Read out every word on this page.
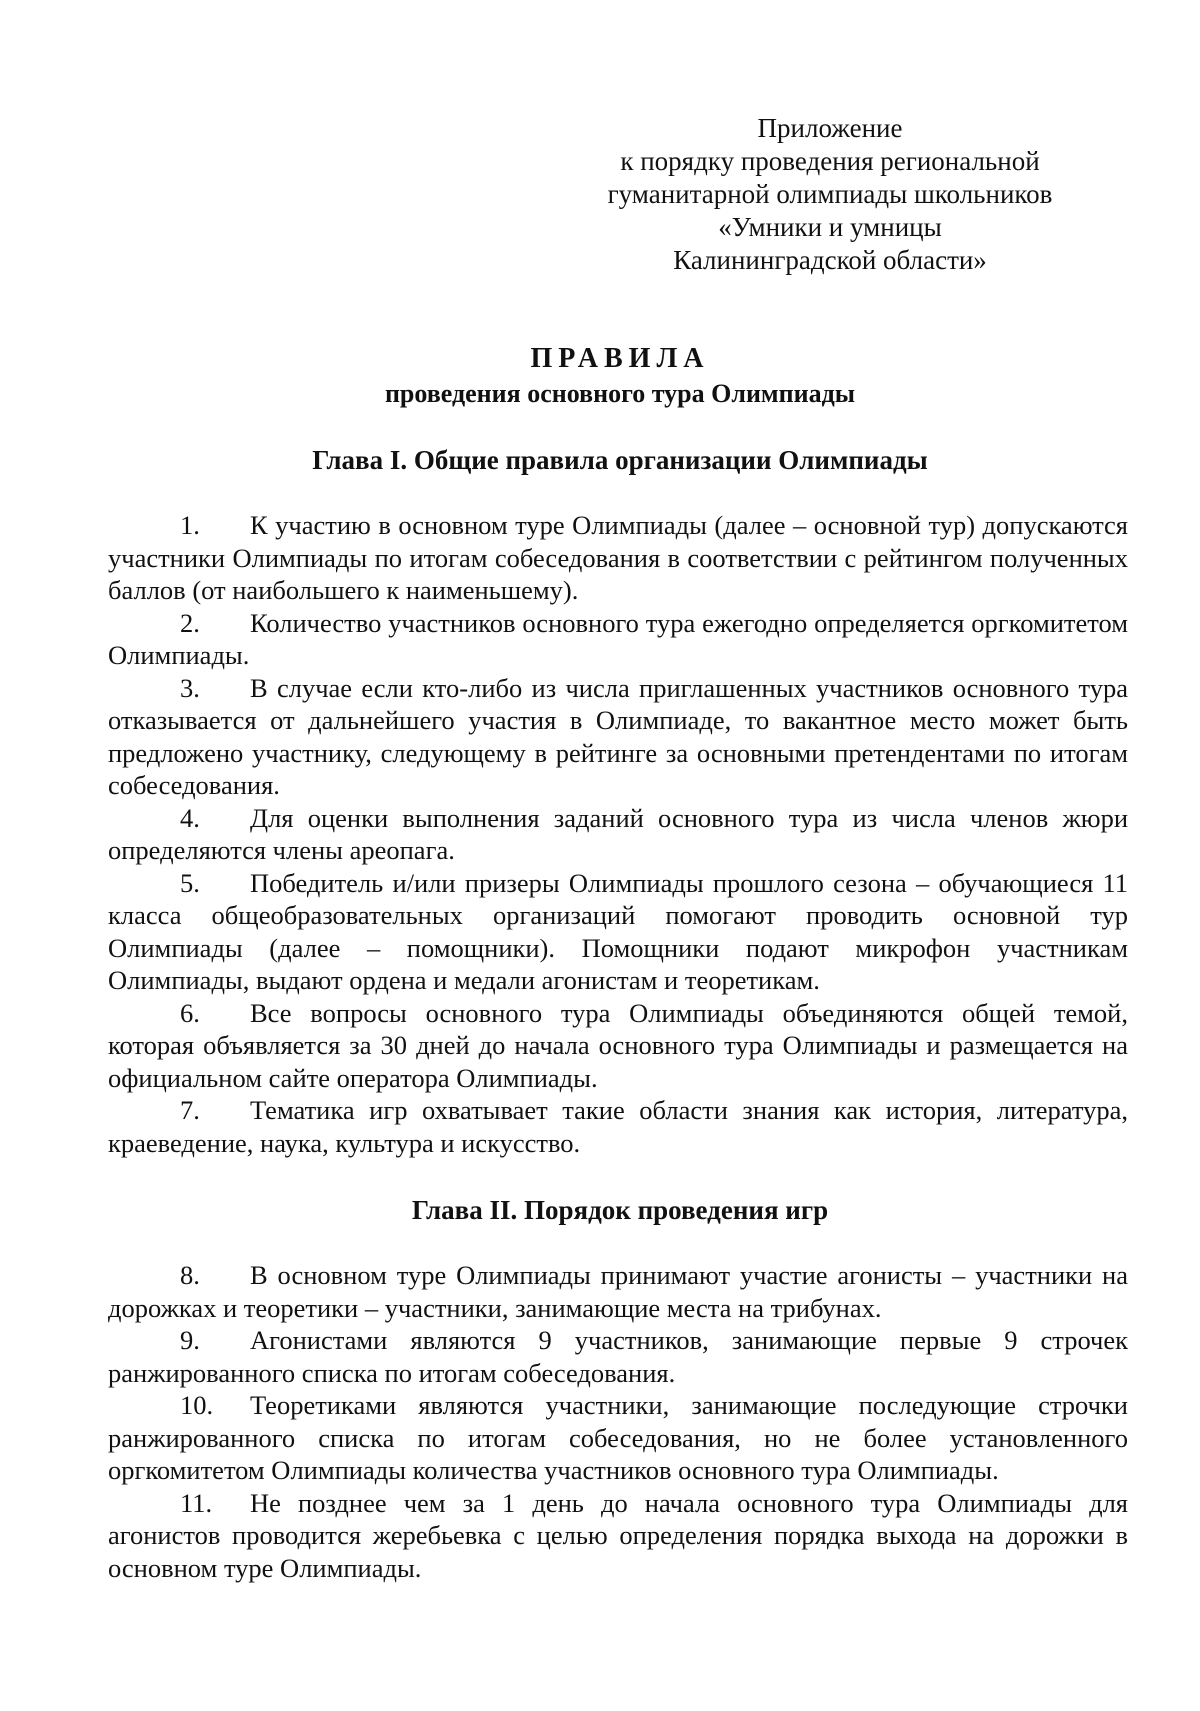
Приложение
к порядку проведения региональной
гуманитарной олимпиады школьников
«Умники и умницы
Калининградской области»
ПРАВИЛА
проведения основного тура Олимпиады
Глава I. Общие правила организации Олимпиады

1. К участию в основном туре Олимпиады (далее – основной тур) допускаются участники Олимпиады по итогам собеседования в соответствии с рейтингом полученных баллов (от наибольшего к наименьшему).

2. Количество участников основного тура ежегодно определяется оргкомитетом Олимпиады.

3. В случае если кто-либо из числа приглашенных участников основного тура отказывается от дальнейшего участия в Олимпиаде, то вакантное место может быть предложено участнику, следующему в рейтинге за основными претендентами по итогам собеседования.

4. Для оценки выполнения заданий основного тура из числа членов жюри определяются члены ареопага.

5. Победитель и/или призеры Олимпиады прошлого сезона – обучающиеся 11 класса общеобразовательных организаций помогают проводить основной тур Олимпиады (далее – помощники). Помощники подают микрофон участникам Олимпиады, выдают ордена и медали агонистам и теоретикам.

6. Все вопросы основного тура Олимпиады объединяются общей темой, которая объявляется за 30 дней до начала основного тура Олимпиады и размещается на официальном сайте оператора Олимпиады.

7. Тематика игр охватывает такие области знания как история, литература, краеведение, наука, культура и искусство.

Глава II. Порядок проведения игр

8. В основном туре Олимпиады принимают участие агонисты – участники на дорожках и теоретики – участники, занимающие места на трибунах.

9. Агонистами являются 9 участников, занимающие первые 9 строчек ранжированного списка по итогам собеседования.

10. Теоретиками являются участники, занимающие последующие строчки ранжированного списка по итогам собеседования, но не более установленного оргкомитетом Олимпиады количества участников основного тура Олимпиады.

11. Не позднее чем за 1 день до начала основного тура Олимпиады для агонистов проводится жеребьевка с целью определения порядка выхода на дорожки в основном туре Олимпиады.
